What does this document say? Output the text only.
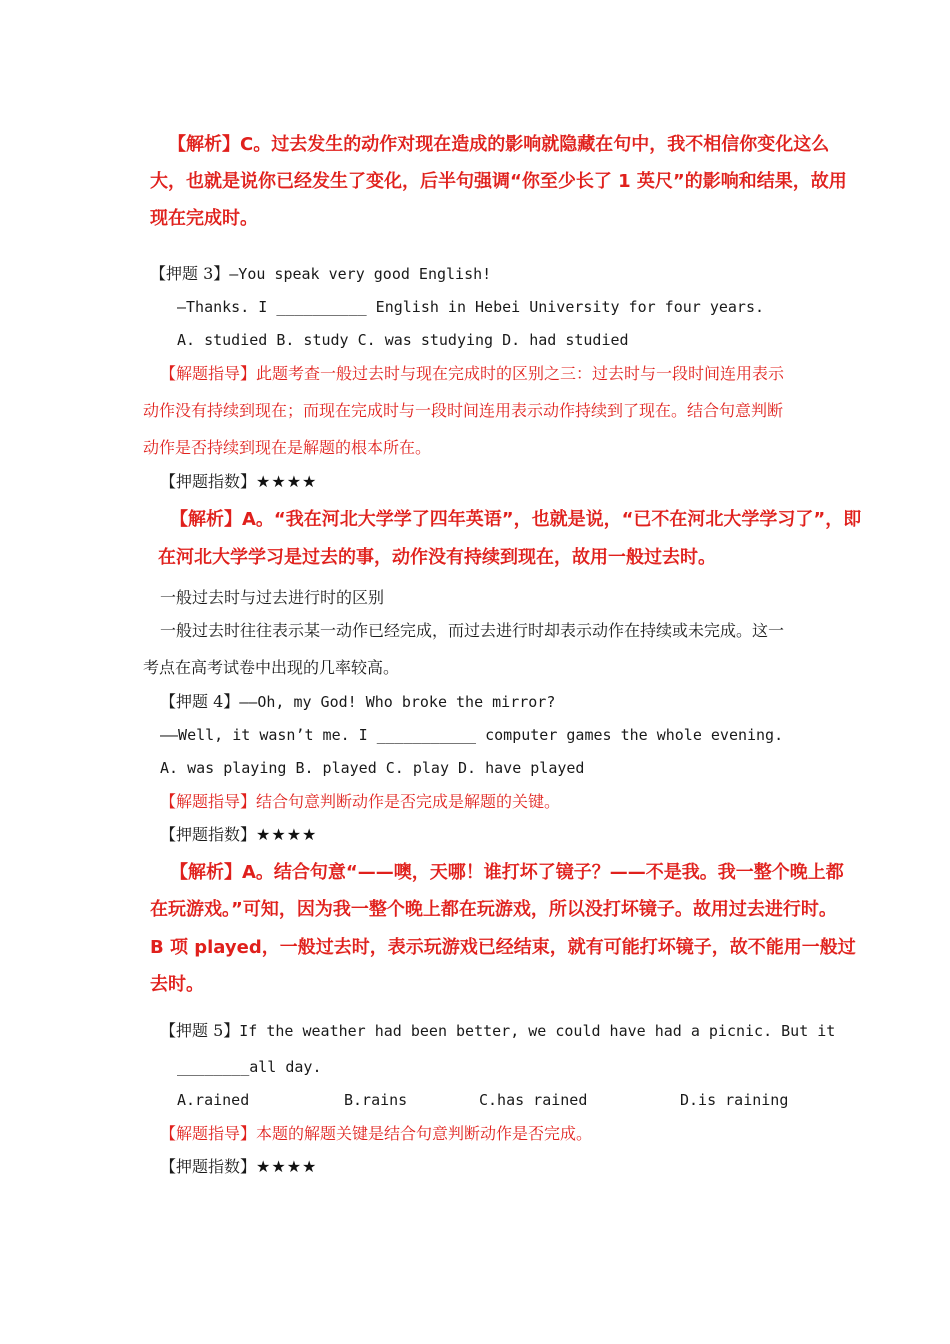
【解析】C。过去发生的动作对现在造成的影响就隐藏在句中，我不相信你变化这么
大，也就是说你已经发生了变化，后半句强调“你至少长了 1 英尺”的影响和结果，故用
现在完成时。
【押题 3】—You speak very good English!
—Thanks. I __________ English in Hebei University for four years.
A. studied B. study C. was studying D. had studied
【解题指导】此题考查一般过去时与现在完成时的区别之三：过去时与一段时间连用表示
动作没有持续到现在；而现在完成时与一段时间连用表示动作持续到了现在。结合句意判断
动作是否持续到现在是解题的根本所在。
【押题指数】★★★★
【解析】A。“我在河北大学学了四年英语”，也就是说，“已不在河北大学学习了”，即
在河北大学学习是过去的事，动作没有持续到现在，故用一般过去时。
一般过去时与过去进行时的区别
一般过去时往往表示某一动作已经完成，而过去进行时却表示动作在持续或未完成。这一
考点在高考试卷中出现的几率较高。
【押题 4】——Oh, my God! Who broke the mirror?
——Well, it wasn’t me. I ___________ computer games the whole evening.
A. was playing B. played C. play D. have played
【解题指导】结合句意判断动作是否完成是解题的关键。
【押题指数】★★★★
【解析】A。结合句意“——噢，天哪！谁打坏了镜子？——不是我。我一整个晚上都
在玩游戏。”可知，因为我一整个晚上都在玩游戏，所以没打坏镜子。故用过去进行时。
B 项 played，一般过去时，表示玩游戏已经结束，就有可能打坏镜子，故不能用一般过
去时。
【押题 5】If the weather had been better, we could have had a picnic. But it
________all day.
A.rained	B.rains	C.has rained	D.is raining
【解题指导】本题的解题关键是结合句意判断动作是否完成。
【押题指数】★★★★
